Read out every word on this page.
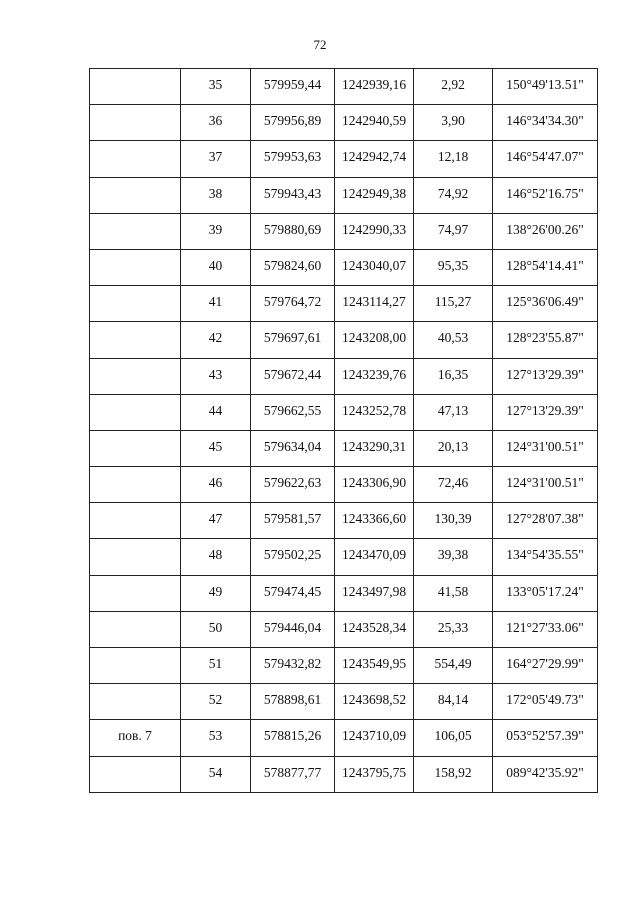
72

	35	579959,44	1242939,16	2,92	150°49'13.51"

	36	579956,89	1242940,59	3,90	146°34'34.30"

	37	579953,63	1242942,74	12,18	146°54'47.07"

	38	579943,43	1242949,38	74,92	146°52'16.75"

	39	579880,69	1242990,33	74,97	138°26'00.26"

	40	579824,60	1243040,07	95,35	128°54'14.41"

	41	579764,72	1243114,27	115,27	125°36'06.49"

	42	579697,61	1243208,00	40,53	128°23'55.87"

	43	579672,44	1243239,76	16,35	127°13'29.39"

	44	579662,55	1243252,78	47,13	127°13'29.39"

	45	579634,04	1243290,31	20,13	124°31'00.51"

	46	579622,63	1243306,90	72,46	124°31'00.51"

	47	579581,57	1243366,60	130,39	127°28'07.38"

	48	579502,25	1243470,09	39,38	134°54'35.55"

	49	579474,45	1243497,98	41,58	133°05'17.24"

	50	579446,04	1243528,34	25,33	121°27'33.06"

	51	579432,82	1243549,95	554,49	164°27'29.99"

	52	578898,61	1243698,52	84,14	172°05'49.73"

пов. 7	53	578815,26	1243710,09	106,05	053°52'57.39"

	54	578877,77	1243795,75	158,92	089°42'35.92"
